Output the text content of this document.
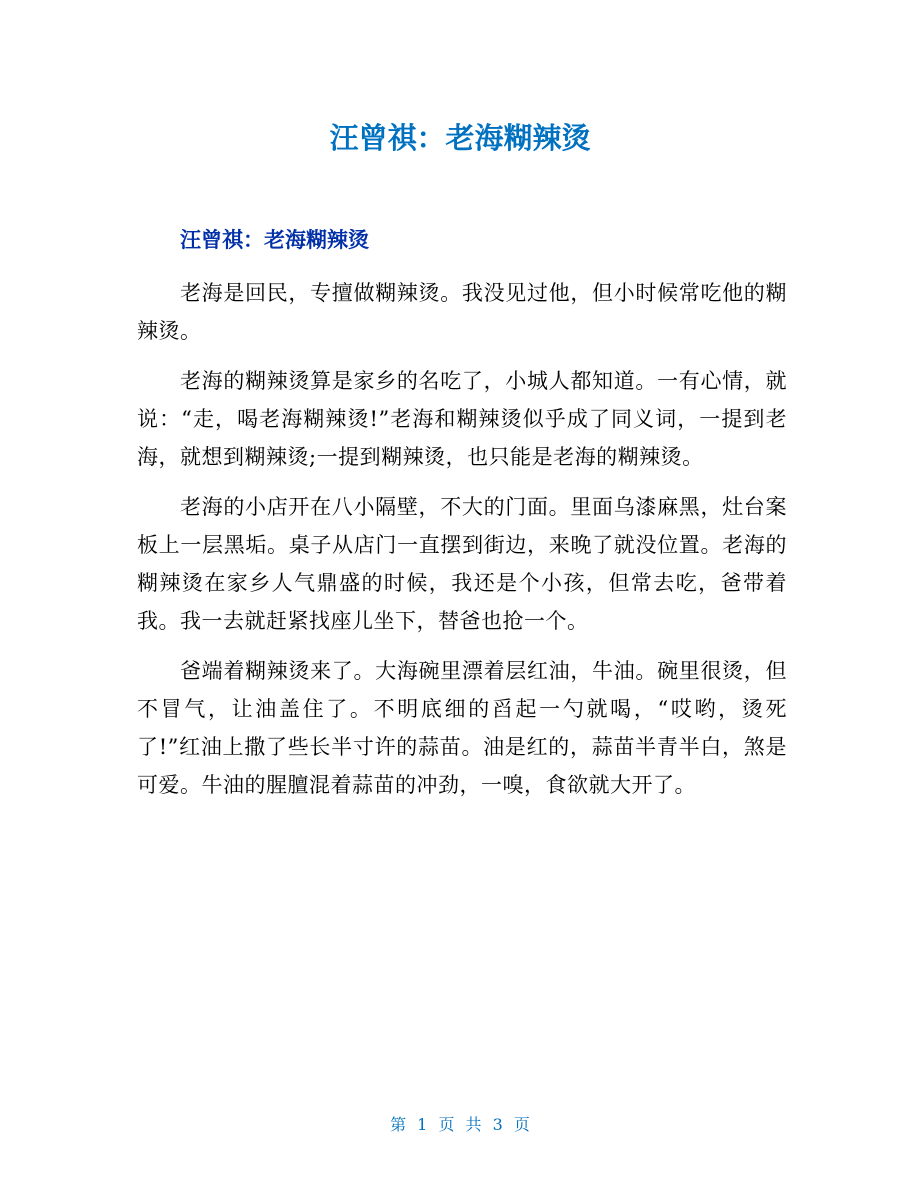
汪曾祺：老海糊辣烫
汪曾祺：老海糊辣烫

老海是回民，专擅做糊辣烫。我没见过他，但小时候常吃他的糊辣烫。

老海的糊辣烫算是家乡的名吃了，小城人都知道。一有心情，就说：“走，喝老海糊辣烫!”老海和糊辣烫似乎成了同义词，一提到老海，就想到糊辣烫;一提到糊辣烫，也只能是老海的糊辣烫。

老海的小店开在八小隔壁，不大的门面。里面乌漆麻黑，灶台案板上一层黑垢。桌子从店门一直摆到街边，来晚了就没位置。老海的糊辣烫在家乡人气鼎盛的时候，我还是个小孩，但常去吃，爸带着我。我一去就赶紧找座儿坐下，替爸也抢一个。

爸端着糊辣烫来了。大海碗里漂着层红油，牛油。碗里很烫，但不冒气，让油盖住了。不明底细的舀起一勺就喝，“哎哟，烫死了!”红油上撒了些长半寸许的蒜苗。油是红的，蒜苗半青半白，煞是可爱。牛油的腥膻混着蒜苗的冲劲，一嗅，食欲就大开了。

第 1 页 共 3 页
